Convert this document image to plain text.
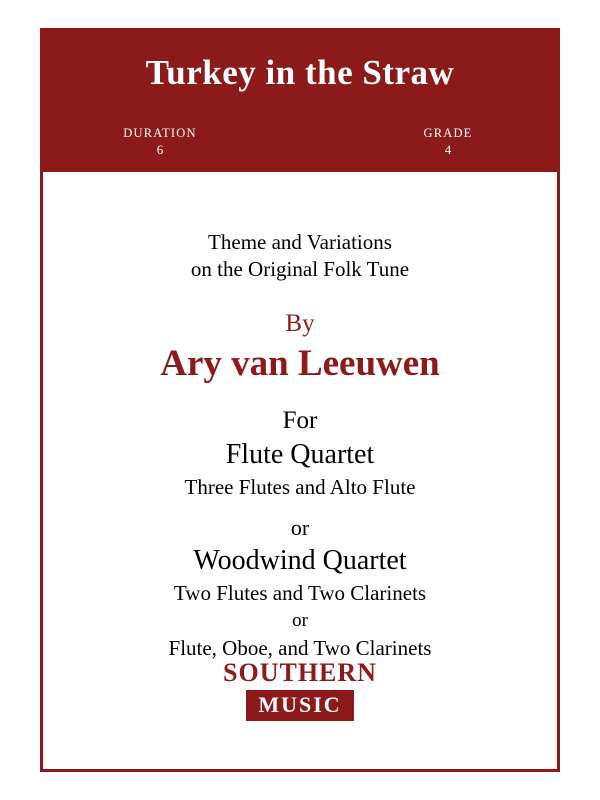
Turkey in the Straw
DURATION
6
GRADE
4
Theme and Variations
on the Original Folk Tune
By
Ary van Leeuwen
For
Flute Quartet
Three Flutes and Alto Flute
or
Woodwind Quartet
Two Flutes and Two Clarinets
or
Flute, Oboe, and Two Clarinets
SOUTHERN
MUSIC
